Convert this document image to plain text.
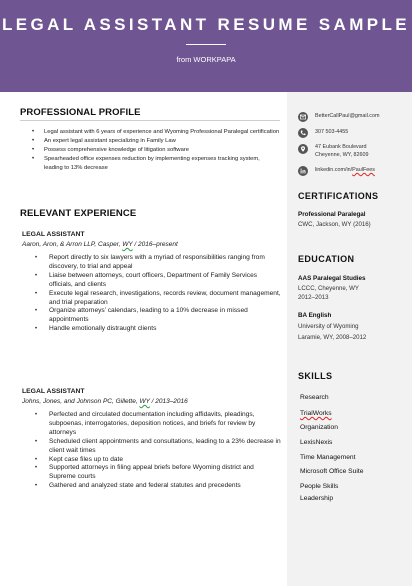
LEGAL ASSISTANT RESUME SAMPLE
from WORKPAPA
BetterCallPaul@gmail.com
307 503-4455
47 Eubank Boulevard
Cheyenne, WY, 82609
linkedin.com/in/PaulFees
CERTIFICATIONS
Professional Paralegal
CWC, Jackson, WY (2016)
EDUCATION
AAS Paralegal Studies
LCCC, Cheyenne, WY
2012–2013
BA English
University of Wyoming
Laramie, WY, 2008–2012
SKILLS
Research
TrialWorks
Organization
LexisNexis
Time Management
Microsoft Office Suite
People Skills
Leadership
PROFESSIONAL PROFILE
• Legal assistant with 6 years of experience and Wyoming Professional Paralegal certification
• An expert legal assistant specializing in Family Law
• Possess comprehensive knowledge of litigation software
• Spearheaded office expenses reduction by implementing expenses tracking system, leading to 13% decrease
RELEVANT EXPERIENCE
LEGAL ASSISTANT
Aaron, Aron, & Arron LLP, Casper, WY / 2016–present
• Report directly to six lawyers with a myriad of responsibilities ranging from discovery, to trial and appeal
• Liaise between attorneys, court officers, Department of Family Services officials, and clients
• Execute legal research, investigations, records review, document management, and trial preparation
• Organize attorneys’ calendars, leading to a 10% decrease in missed appointments
• Handle emotionally distraught clients
LEGAL ASSISTANT
Johns, Jones, and Johnson PC, Gillette, WY / 2013–2016
• Perfected and circulated documentation including affidavits, pleadings, subpoenas, interrogatories, deposition notices, and briefs for review by attorneys
• Scheduled client appointments and consultations, leading to a 23% decrease in client wait times
• Kept case files up to date
• Supported attorneys in filing appeal briefs before Wyoming district and Supreme courts
• Gathered and analyzed state and federal statutes and precedents
